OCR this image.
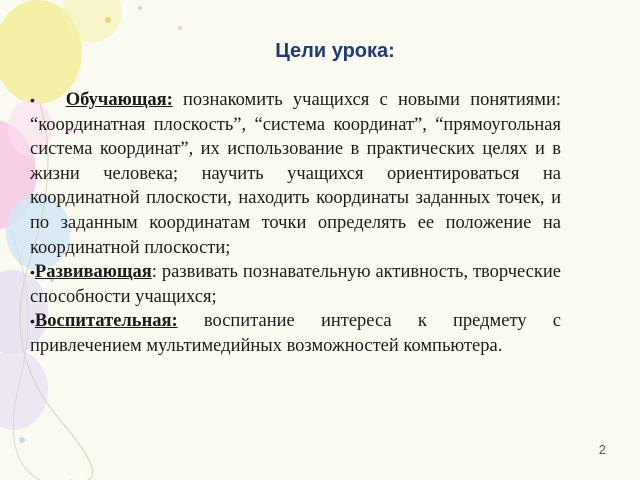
Цели урока:

• Обучающая: познакомить учащихся с новыми понятиями: “координатная плоскость”, “система координат”, “прямоугольная система координат”, их использование в практических целях и в жизни человека; научить учащихся ориентироваться на координатной плоскости, находить координаты заданных точек, и по заданным координатам точки определять ее положение на координатной плоскости;

•Развивающая: развивать познавательную активность, творческие способности учащихся;

•Воспитательная: воспитание интереса к предмету с привлечением мультимедийных возможностей компьютера.

2
